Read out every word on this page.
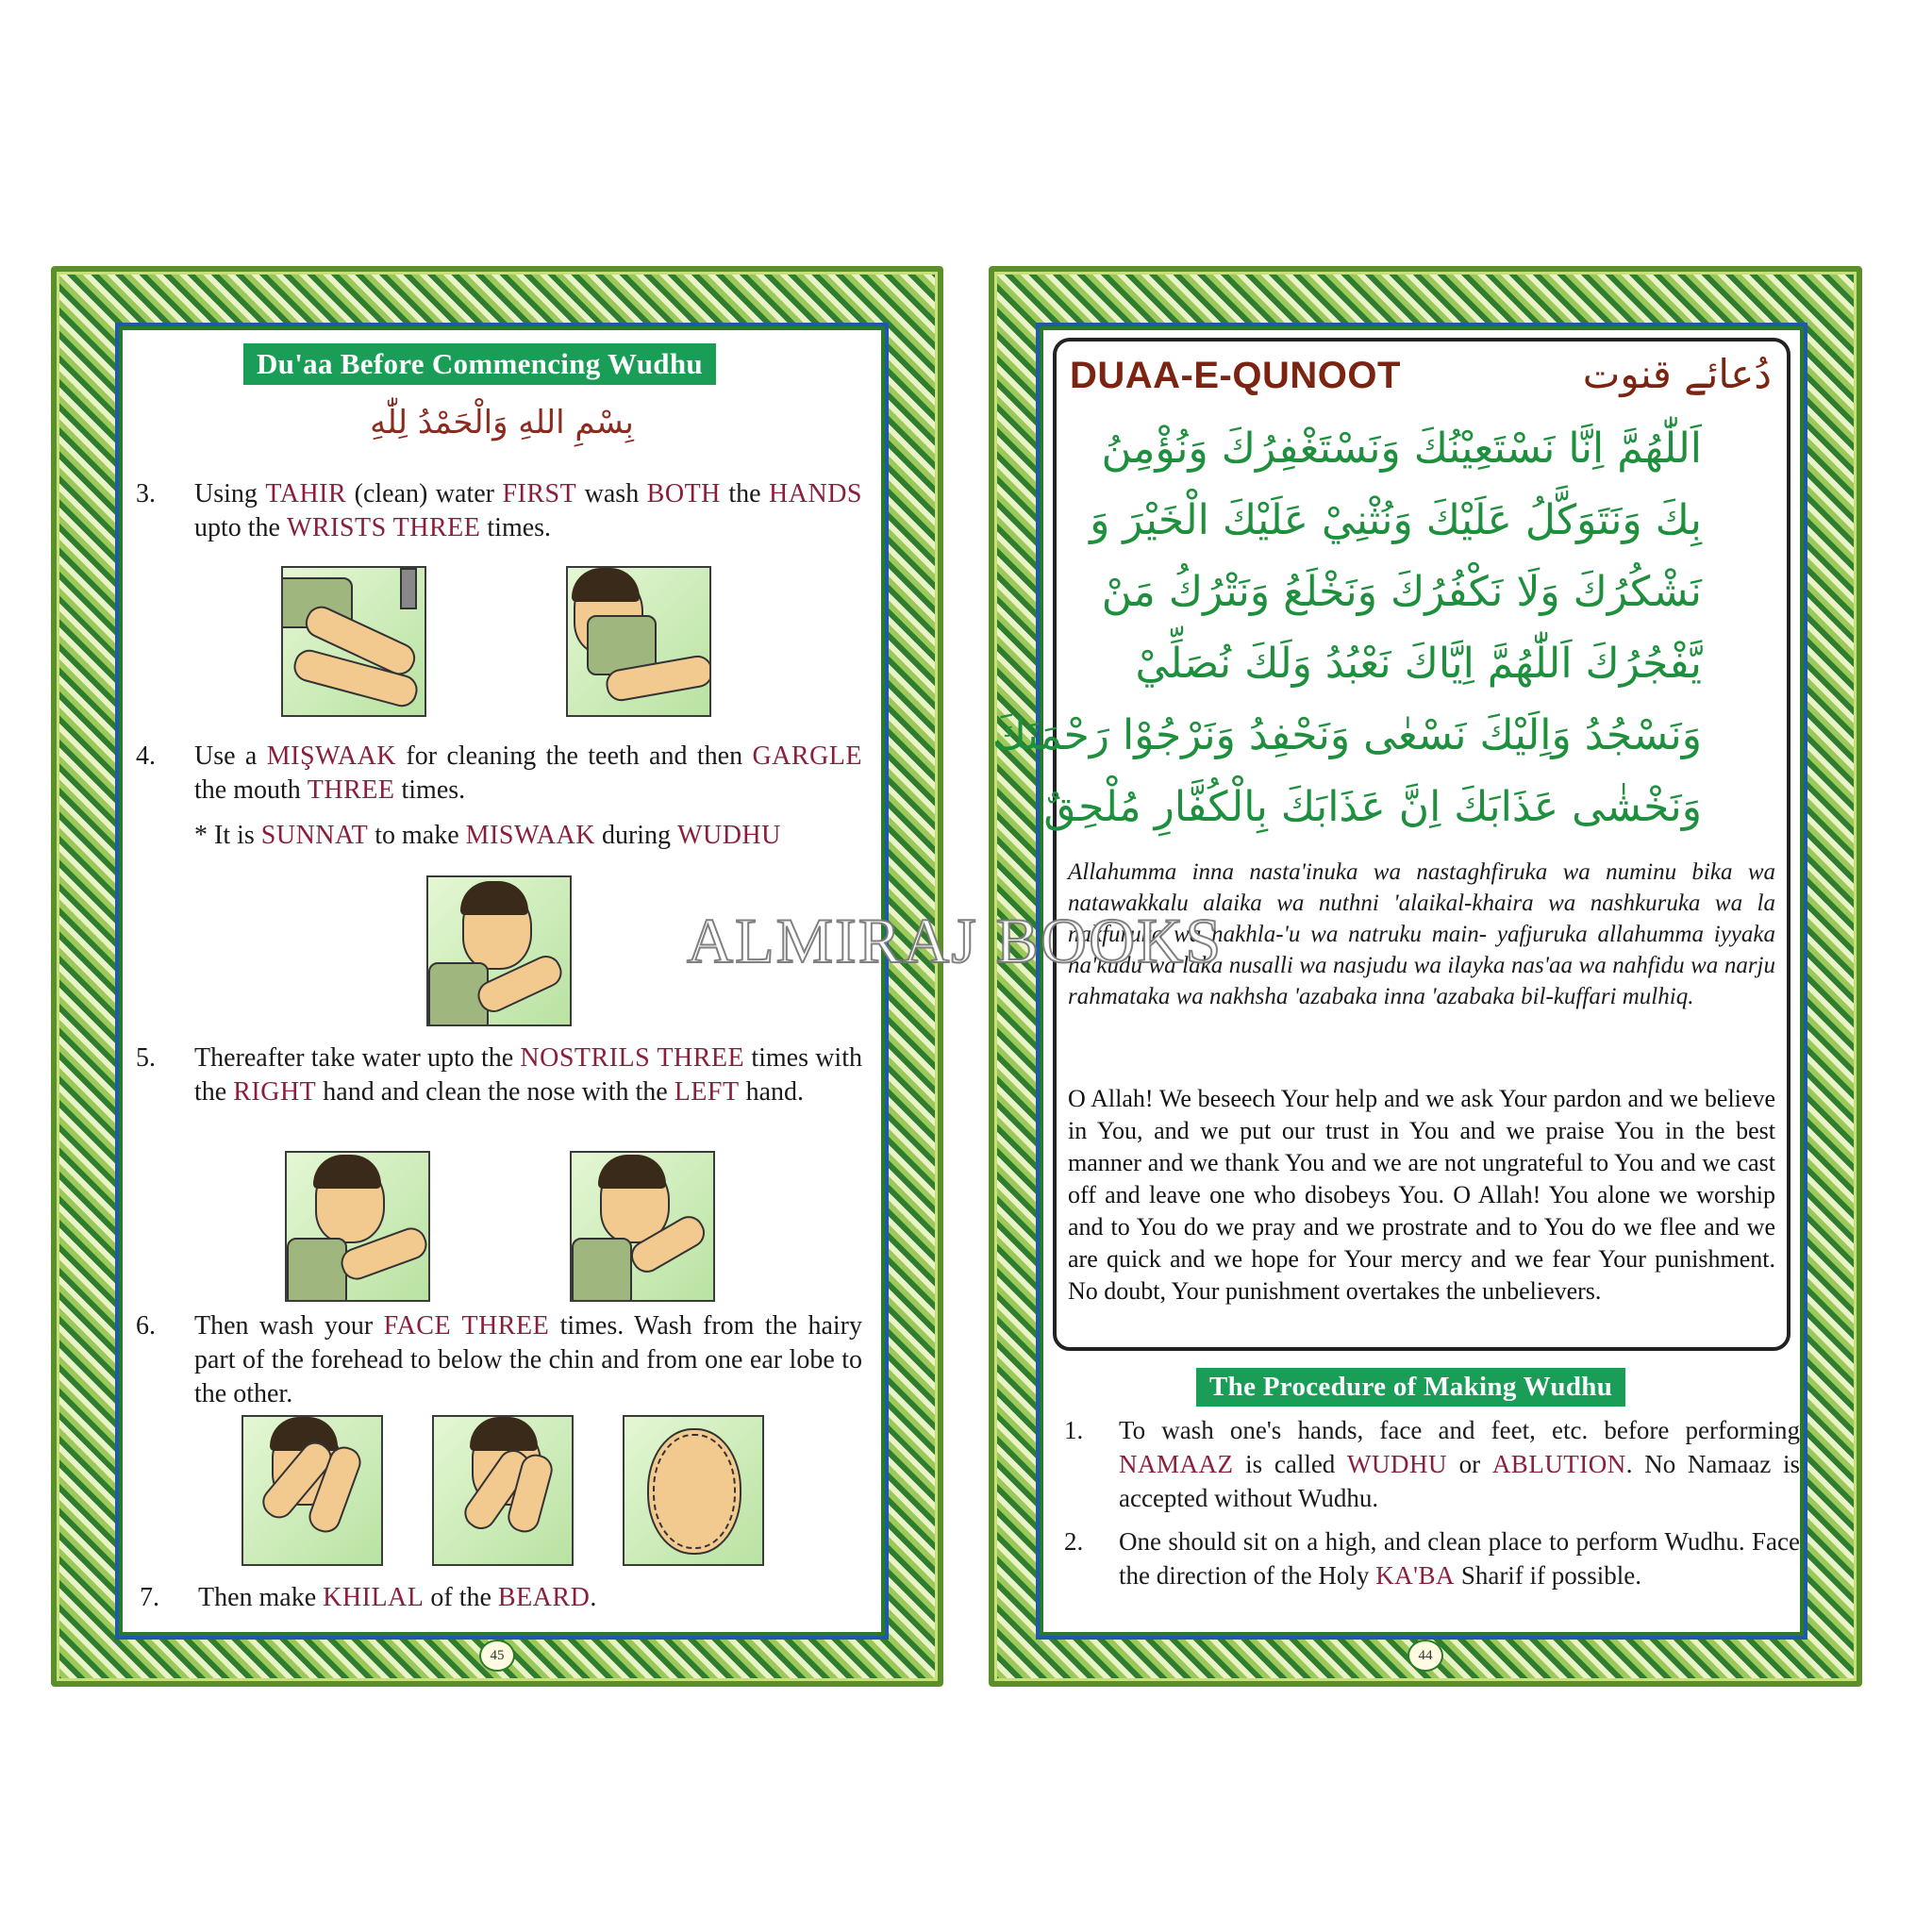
Du'aa Before Commencing Wudhu
بِسْمِ اللهِ وَالْحَمْدُ لِلّٰهِ
3. Using TAHIR (clean) water FIRST wash BOTH the HANDS upto the WRISTS THREE times.
4. Use a MIŞWAAK for cleaning the teeth and then GARGLE the mouth THREE times.
* It is SUNNAT to make MISWAAK during WUDHU
5. Thereafter take water upto the NOSTRILS THREE times with the RIGHT hand and clean the nose with the LEFT hand.
6. Then wash your FACE THREE times. Wash from the hairy part of the forehead to below the chin and from one ear lobe to the other.
7. Then make KHILAL of the BEARD.
45
DUAA-E-QUNOOT	دُعائے قنوت
اَللّٰهُمَّ اِنَّا نَسْتَعِيْنُكَ وَنَسْتَغْفِرُكَ وَنُؤْمِنُ
بِكَ وَنَتَوَكَّلُ عَلَيْكَ وَنُثْنِيْ عَلَيْكَ الْخَيْرَ وَ
نَشْكُرُكَ وَلَا نَكْفُرُكَ وَنَخْلَعُ وَنَتْرُكُ مَنْ
يَّفْجُرُكَ اَللّٰهُمَّ اِيَّاكَ نَعْبُدُ وَلَكَ نُصَلِّيْ
وَنَسْجُدُ وَاِلَيْكَ نَسْعٰى وَنَحْفِدُ وَنَرْجُوْا رَحْمَتَكَ
وَنَخْشٰى عَذَابَكَ اِنَّ عَذَابَكَ بِالْكُفَّارِ مُلْحِقٌ
Allahumma inna nasta'inuka wa nastaghfiruka wa numinu bika wa natawakkalu alaika wa nuthni 'alaikal-khaira wa nashkuruka wa la nakfuruka wa nakhla-'u wa natruku main- yafjuruka allahumma iyyaka na'kudu wa laka nusalli wa nasjudu wa ilayka nas'aa wa nahfidu wa narju rahmataka wa nakhsha 'azabaka inna 'azabaka bil-kuffari mulhiq.
O Allah! We beseech Your help and we ask Your pardon and we believe in You, and we put our trust in You and we praise You in the best manner and we thank You and we are not ungrateful to You and we cast off and leave one who disobeys You. O Allah! You alone we worship and to You do we pray and we prostrate and to You do we flee and we are quick and we hope for Your mercy and we fear Your punishment. No doubt, Your punishment overtakes the unbelievers.
The Procedure of Making Wudhu
1. To wash one's hands, face and feet, etc. before performing NAMAAZ is called WUDHU or ABLUTION. No Namaaz is accepted without Wudhu.
2. One should sit on a high, and clean place to perform Wudhu. Face the direction of the Holy KA'BA Sharif if possible.
44
ALMIRAJ BOOKS
